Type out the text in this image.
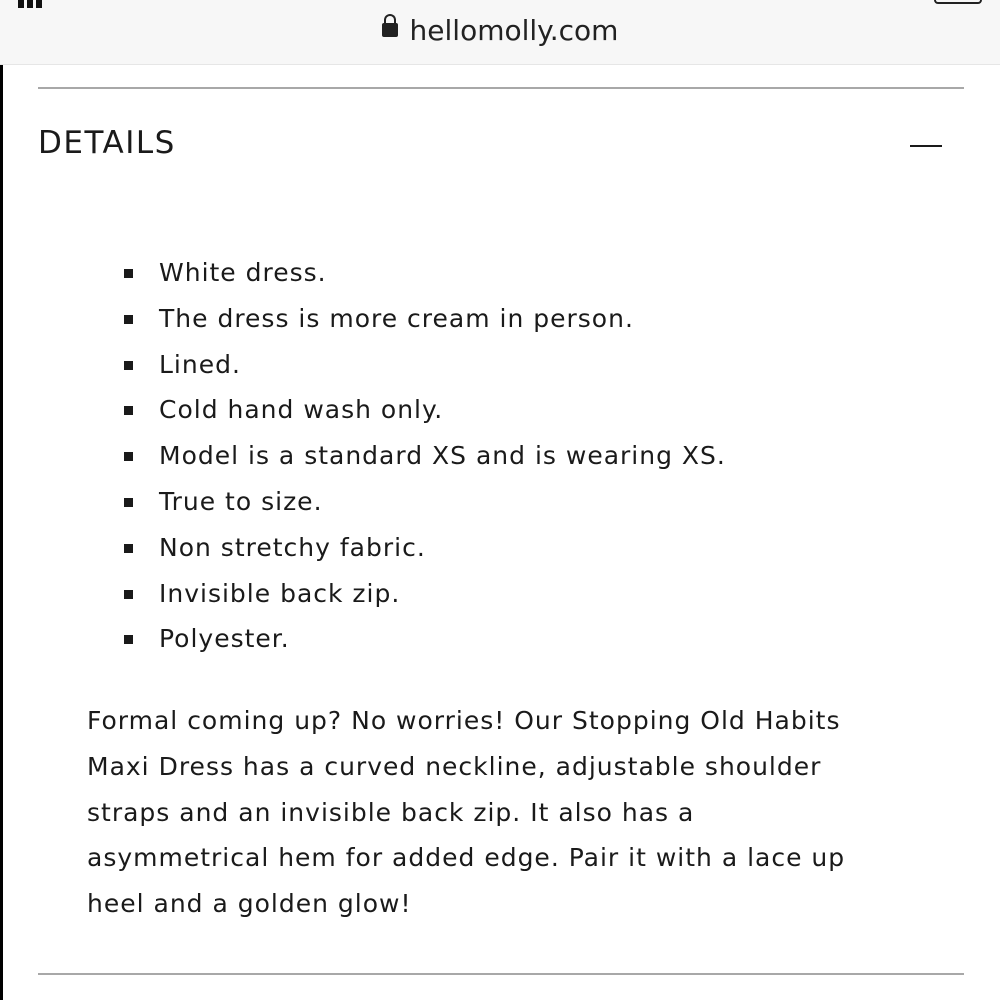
hellomolly.com
DETAILS
White dress.
The dress is more cream in person.
Lined.
Cold hand wash only.
Model is a standard XS and is wearing XS.
True to size.
Non stretchy fabric.
Invisible back zip.
Polyester.

Formal coming up? No worries! Our Stopping Old Habits
Maxi Dress has a curved neckline, adjustable shoulder
straps and an invisible back zip. It also has a
asymmetrical hem for added edge. Pair it with a lace up
heel and a golden glow!
